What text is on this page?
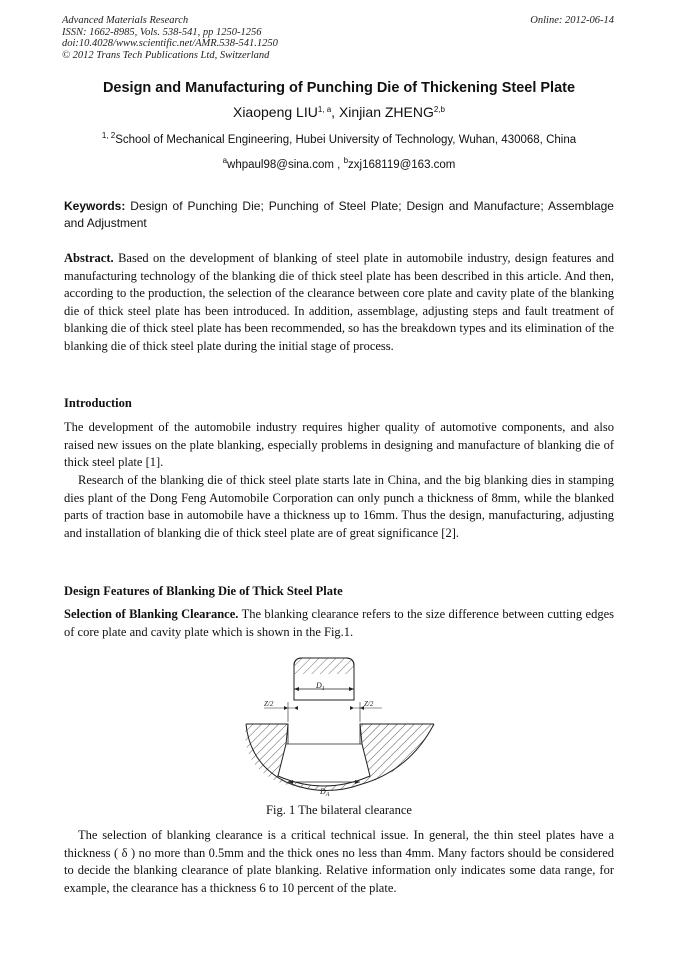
Advanced Materials Research
ISSN: 1662-8985, Vols. 538-541, pp 1250-1256
doi:10.4028/www.scientific.net/AMR.538-541.1250
© 2012 Trans Tech Publications Ltd, Switzerland
Online: 2012-06-14
Design and Manufacturing of Punching Die of Thickening Steel Plate
Xiaopeng LIU$^{1, a}$, Xinjian ZHENG$^{2,b}$
$^{1, 2}$School of Mechanical Engineering, Hubei University of Technology, Wuhan, 430068, China
$^a$whpaul98@sina.com , $^b$zxj168119@163.com
Keywords: Design of Punching Die; Punching of Steel Plate; Design and Manufacture; Assemblage and Adjustment
Abstract. Based on the development of blanking of steel plate in automobile industry, design features and manufacturing technology of the blanking die of thick steel plate has been described in this article. And then, according to the production, the selection of the clearance between core plate and cavity plate of the blanking die of thick steel plate has been introduced. In addition, assemblage, adjusting steps and fault treatment of blanking die of thick steel plate has been recommended, so has the breakdown types and its elimination of the blanking die of thick steel plate during the initial stage of process.
Introduction
The development of the automobile industry requires higher quality of automotive components, and also raised new issues on the plate blanking, especially problems in designing and manufacture of blanking die of thick steel plate [1].
Research of the blanking die of thick steel plate starts late in China, and the big blanking dies in stamping dies plant of the Dong Feng Automobile Corporation can only punch a thickness of 8mm, while the blanked parts of traction base in automobile have a thickness up to 16mm. Thus the design, manufacturing, adjusting and installation of blanking die of thick steel plate are of great significance [2].
Design Features of Blanking Die of Thick Steel Plate
Selection of Blanking Clearance. The blanking clearance refers to the size difference between cutting edges of core plate and cavity plate which is shown in the Fig.1.
$D_1$
Z/2	Z/2
$D_A$
Fig. 1 The bilateral clearance
The selection of blanking clearance is a critical technical issue. In general, the thin steel plates have a thickness ( δ ) no more than 0.5mm and the thick ones no less than 4mm. Many factors should be considered to decide the blanking clearance of plate blanking. Relative information only indicates some data range, for example, the clearance has a thickness 6 to 10 percent of the plate.
